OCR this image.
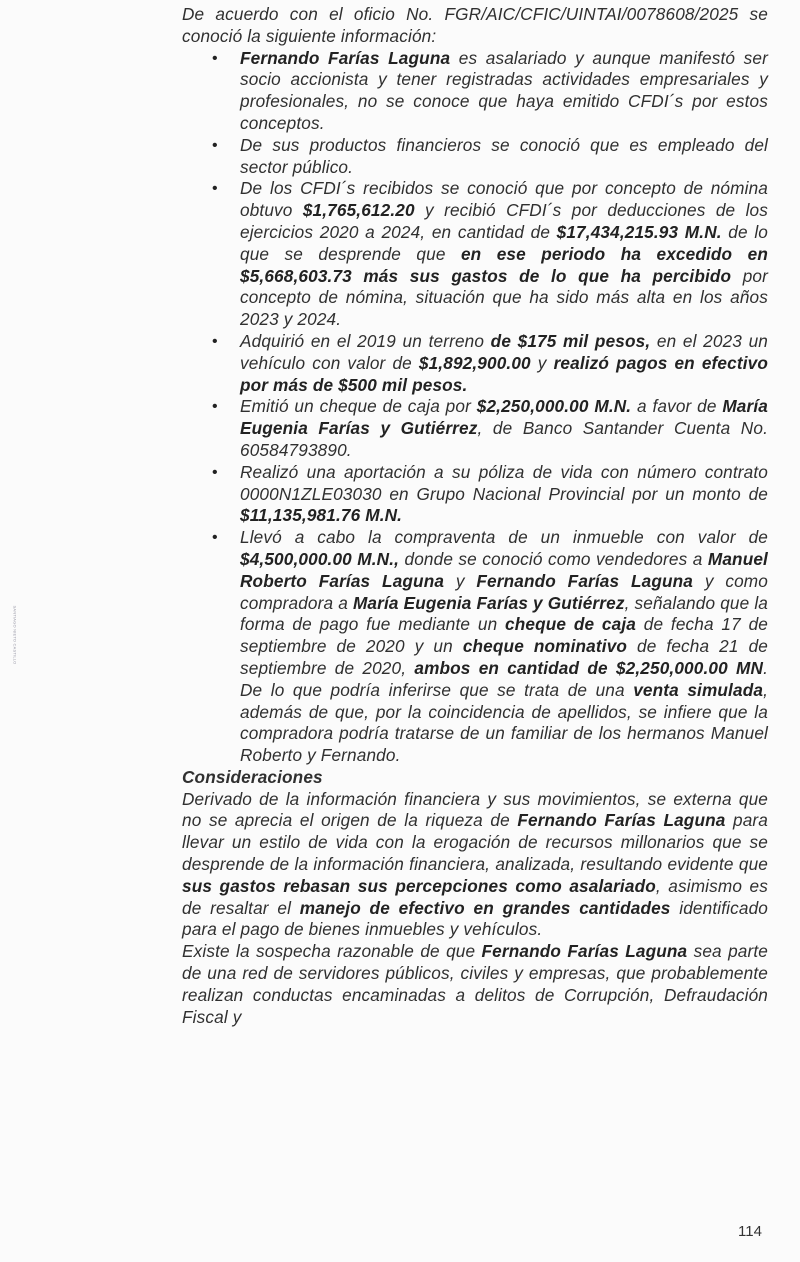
SANTIAGO NIETO CASTILLO

De acuerdo con el oficio No. FGR/AIC/CFIC/UINTAI/0078608/2025 se conoció la siguiente información:

• Fernando Farías Laguna es asalariado y aunque manifestó ser socio accionista y tener registradas actividades empresariales y profesionales, no se conoce que haya emitido CFDI´s por estos conceptos.
• De sus productos financieros se conoció que es empleado del sector público.
• De los CFDI´s recibidos se conoció que por concepto de nómina obtuvo $1,765,612.20 y recibió CFDI´s por deducciones de los ejercicios 2020 a 2024, en cantidad de $17,434,215.93 M.N. de lo que se desprende que en ese periodo ha excedido en $5,668,603.73 más sus gastos de lo que ha percibido por concepto de nómina, situación que ha sido más alta en los años 2023 y 2024.
• Adquirió en el 2019 un terreno de $175 mil pesos, en el 2023 un vehículo con valor de $1,892,900.00 y realizó pagos en efectivo por más de $500 mil pesos.
• Emitió un cheque de caja por $2,250,000.00 M.N. a favor de María Eugenia Farías y Gutiérrez, de Banco Santander Cuenta No. 60584793890.
• Realizó una aportación a su póliza de vida con número contrato 0000N1ZLE03030 en Grupo Nacional Provincial por un monto de $11,135,981.76 M.N.
• Llevó a cabo la compraventa de un inmueble con valor de $4,500,000.00 M.N., donde se conoció como vendedores a Manuel Roberto Farías Laguna y Fernando Farías Laguna y como compradora a María Eugenia Farías y Gutiérrez, señalando que la forma de pago fue mediante un cheque de caja de fecha 17 de septiembre de 2020 y un cheque nominativo de fecha 21 de septiembre de 2020, ambos en cantidad de $2,250,000.00 MN. De lo que podría inferirse que se trata de una venta simulada, además de que, por la coincidencia de apellidos, se infiere que la compradora podría tratarse de un familiar de los hermanos Manuel Roberto y Fernando.

Consideraciones

Derivado de la información financiera y sus movimientos, se externa que no se aprecia el origen de la riqueza de Fernando Farías Laguna para llevar un estilo de vida con la erogación de recursos millonarios que se desprende de la información financiera, analizada, resultando evidente que sus gastos rebasan sus percepciones como asalariado, asimismo es de resaltar el manejo de efectivo en grandes cantidades identificado para el pago de bienes inmuebles y vehículos.

Existe la sospecha razonable de que Fernando Farías Laguna sea parte de una red de servidores públicos, civiles y empresas, que probablemente realizan conductas encaminadas a delitos de Corrupción, Defraudación Fiscal y

114
